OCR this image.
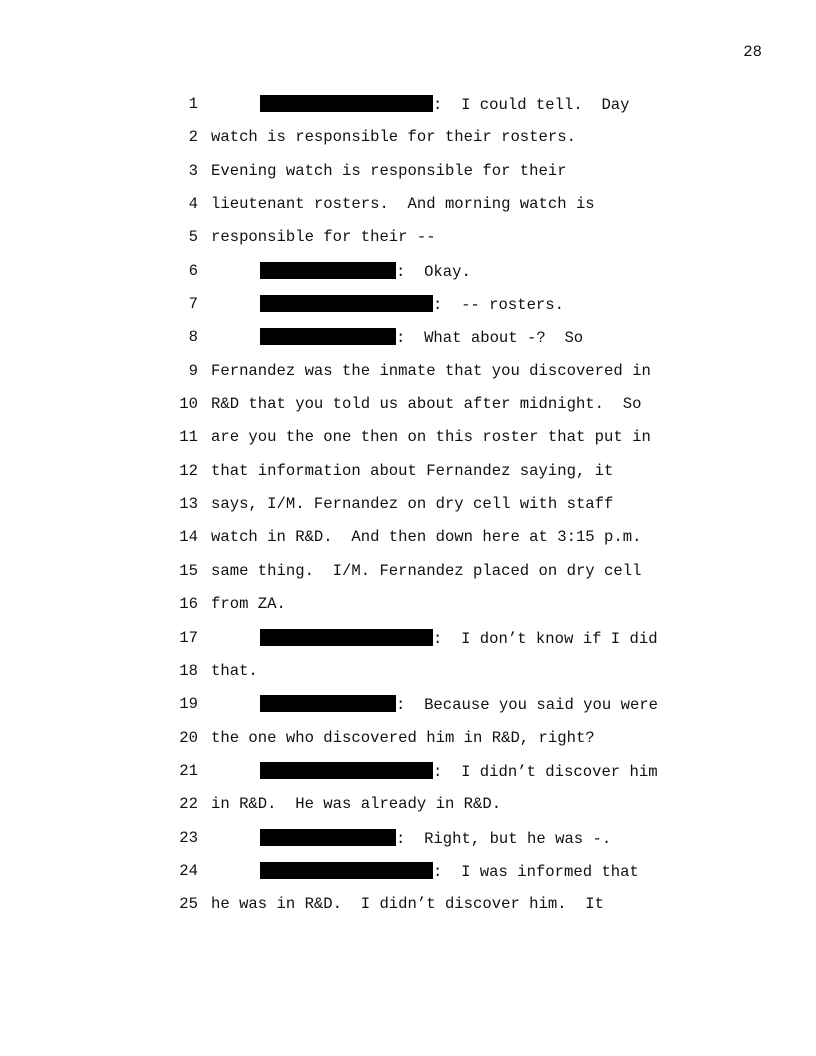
28
1	:  I could tell.  Day
2 watch is responsible for their rosters.
3 Evening watch is responsible for their
4 lieutenant rosters.  And morning watch is
5 responsible for their --
6	:  Okay.
7	:  -- rosters.
8	:  What about -?  So
9 Fernandez was the inmate that you discovered in
10 R&D that you told us about after midnight.  So
11 are you the one then on this roster that put in
12 that information about Fernandez saying, it
13 says, I/M. Fernandez on dry cell with staff
14 watch in R&D.  And then down here at 3:15 p.m.
15 same thing.  I/M. Fernandez placed on dry cell
16 from ZA.
17	:  I don’t know if I did
18 that.
19	:  Because you said you were
20 the one who discovered him in R&D, right?
21	:  I didn’t discover him
22 in R&D.  He was already in R&D.
23	:  Right, but he was -.
24	:  I was informed that
25 he was in R&D.  I didn’t discover him.  It
